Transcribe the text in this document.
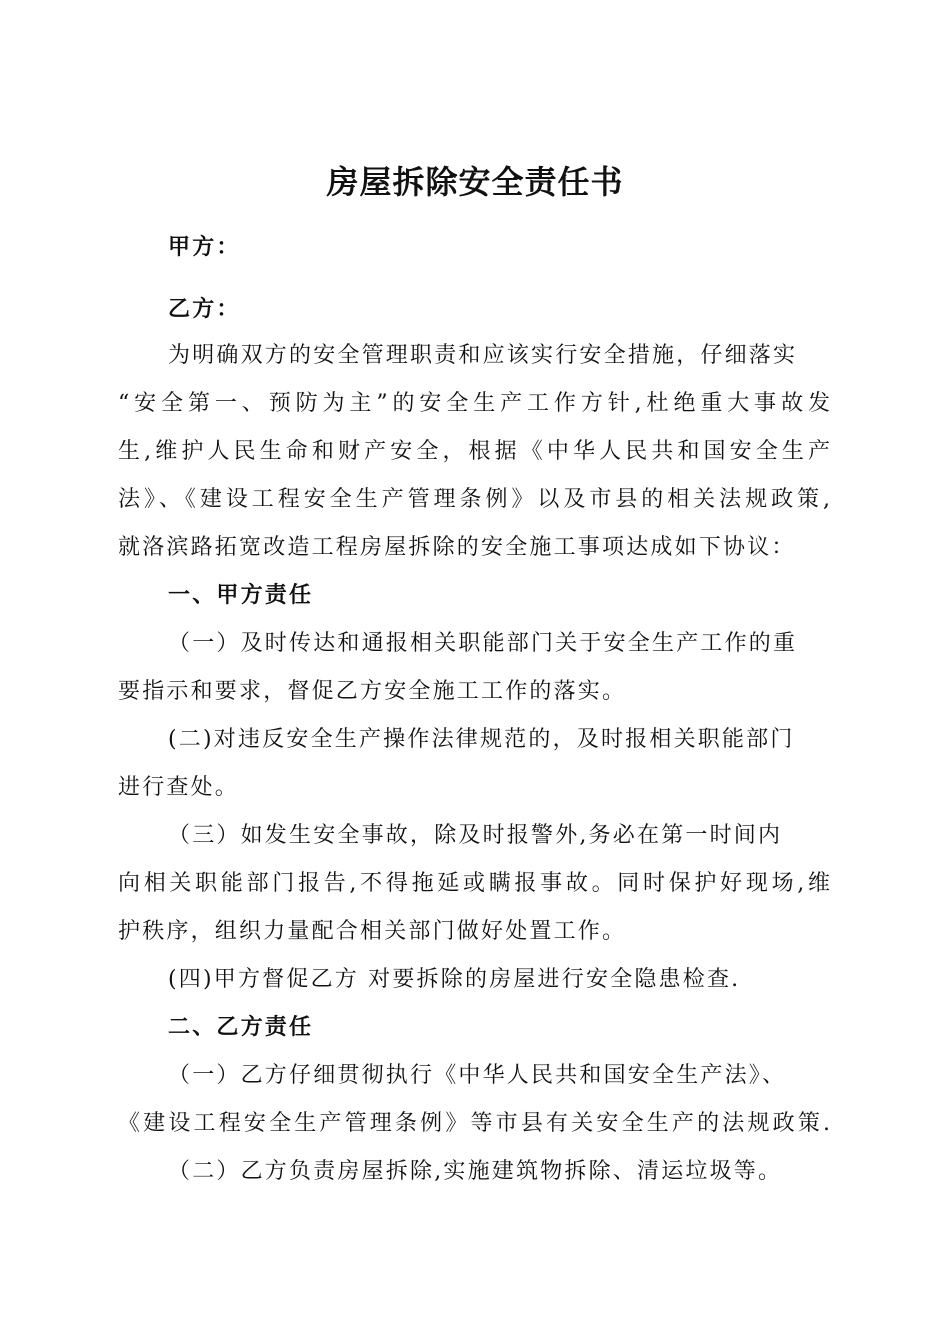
房屋拆除安全责任书
甲方：
乙方：
为明确双方的安全管理职责和应该实行安全措施，仔细落实
“安全第一、预防为主”的安全生产工作方针,杜绝重大事故发
生,维护人民生命和财产安全，根据《中华人民共和国安全生产
法》、《建设工程安全生产管理条例》以及市县的相关法规政策,
就洛滨路拓宽改造工程房屋拆除的安全施工事项达成如下协议：
一、甲方责任
（一）及时传达和通报相关职能部门关于安全生产工作的重
要指示和要求，督促乙方安全施工工作的落实。
(二)对违反安全生产操作法律规范的，及时报相关职能部门
进行查处。
（三）如发生安全事故，除及时报警外,务必在第一时间内
向相关职能部门报告,不得拖延或瞒报事故。同时保护好现场,维
护秩序，组织力量配合相关部门做好处置工作。
(四)甲方督促乙方 对要拆除的房屋进行安全隐患检查.
二、乙方责任
（一）乙方仔细贯彻执行《中华人民共和国安全生产法》、
《建设工程安全生产管理条例》等市县有关安全生产的法规政策.
（二）乙方负责房屋拆除,实施建筑物拆除、清运垃圾等。
